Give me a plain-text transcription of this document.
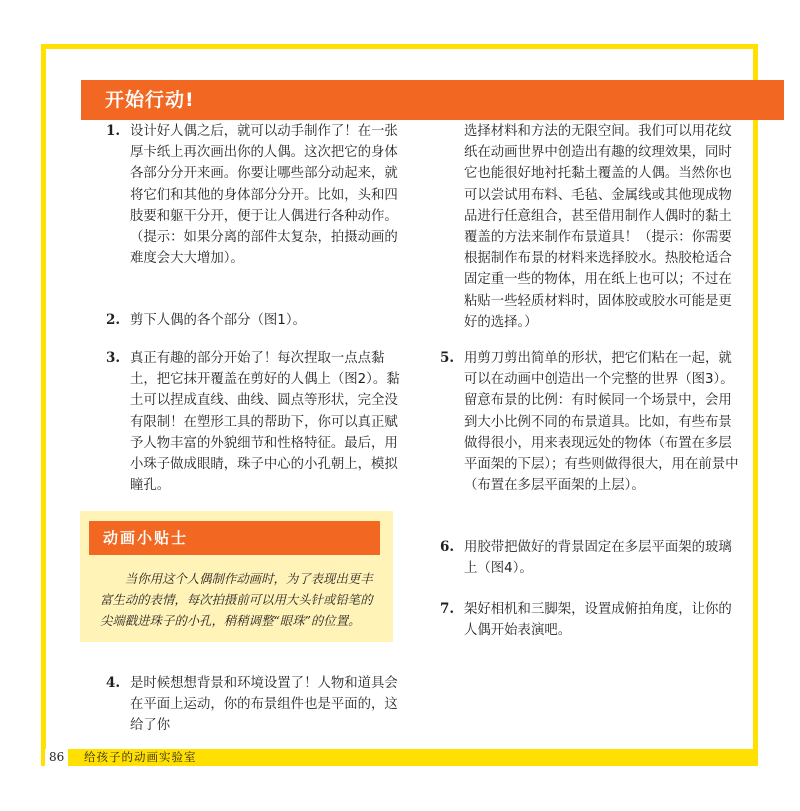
开始行动!
1. 设计好人偶之后，就可以动手制作了！在一张厚卡纸上再次画出你的人偶。这次把它的身体各部分分开来画。你要让哪些部分动起来，就将它们和其他的身体部分分开。比如，头和四肢要和躯干分开，便于让人偶进行各种动作。（提示：如果分离的部件太复杂，拍摄动画的难度会大大增加）。
2. 剪下人偶的各个部分（图1）。
3. 真正有趣的部分开始了！每次捏取一点点黏土，把它抹开覆盖在剪好的人偶上（图2）。黏土可以捏成直线、曲线、圆点等形状，完全没有限制！在塑形工具的帮助下，你可以真正赋予人物丰富的外貌细节和性格特征。最后，用小珠子做成眼睛，珠子中心的小孔朝上，模拟瞳孔。
4. 是时候想想背景和环境设置了！人物和道具会在平面上运动，你的布景组件也是平面的，这给了你
动画小贴士
当你用这个人偶制作动画时，为了表现出更丰富生动的表情，每次拍摄前可以用大头针或铅笔的尖端戳进珠子的小孔，稍稍调整“眼珠”的位置。
选择材料和方法的无限空间。我们可以用花纹纸在动画世界中创造出有趣的纹理效果，同时它也能很好地衬托黏土覆盖的人偶。当然你也可以尝试用布料、毛毡、金属线或其他现成物品进行任意组合，甚至借用制作人偶时的黏土覆盖的方法来制作布景道具！（提示：你需要根据制作布景的材料来选择胶水。热胶枪适合固定重一些的物体，用在纸上也可以；不过在粘贴一些轻质材料时，固体胶或胶水可能是更好的选择。）
5. 用剪刀剪出简单的形状，把它们粘在一起，就可以在动画中创造出一个完整的世界（图3）。留意布景的比例：有时候同一个场景中，会用到大小比例不同的布景道具。比如，有些布景做得很小，用来表现远处的物体（布置在多层平面架的下层）；有些则做得很大，用在前景中（布置在多层平面架的上层）。
6. 用胶带把做好的背景固定在多层平面架的玻璃上（图4）。
7. 架好相机和三脚架，设置成俯拍角度，让你的人偶开始表演吧。
86	给孩子的动画实验室
